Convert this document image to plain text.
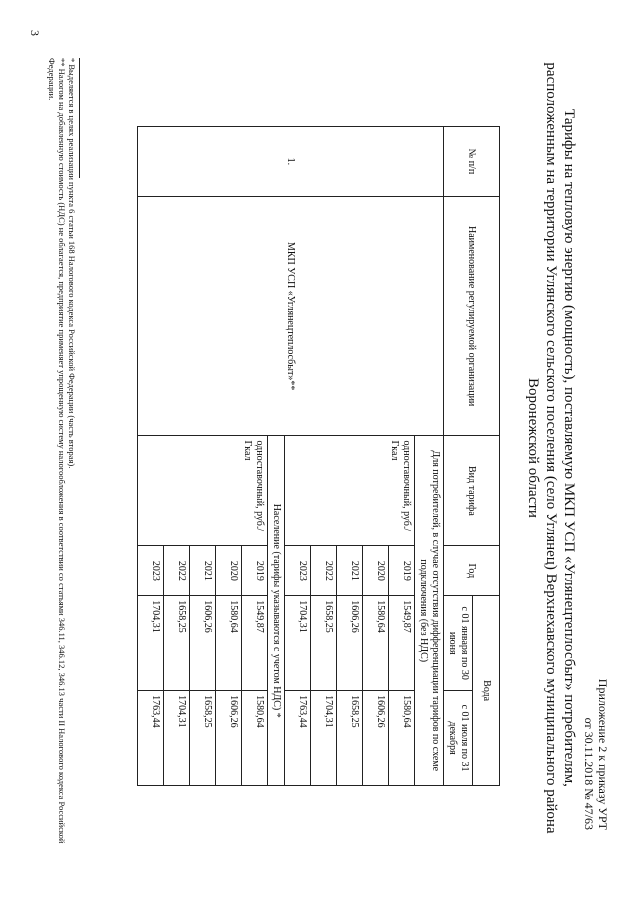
3
Приложение 2 к приказу УРТ
от 30.11.2018 № 47/63
Тарифы на тепловую энергию (мощность), поставляемую МКП УСП «Углянецтеплосбыт» потребителям,
расположенным на территории Углянского сельского поселения (село Углянец) Верхнехавского муниципального района
Воронежской области
№ п/п	Наименование регулируемой организации	Вид тарифа	Год	Вода	
				с 01 января по 30 июня	с 01 июля по 31 декабря
1.	МКП УСП «Углянецтеплосбыт»**	Для потребителей, в случае отсутствия дифференциации тарифов по схеме подключения (без НДС)			
		одноставочный, руб./Гкал	2019	1549,87	1580,64
			2020	1580,64	1606,26
			2021	1606,26	1658,25
			2022	1658,25	1704,31
			2023	1704,31	1763,44
		Население (тарифы указываются с учетом НДС) *			
		одноставочный, руб./Гкал	2019	1549,87	1580,64
			2020	1580,64	1606,26
			2021	1606,26	1658,25
			2022	1658,25	1704,31
			2023	1704,31	1763,44
* Выделяется в целях реализации пункта 6 статьи 168 Налогового кодекса Российской Федерации (часть вторая).
** Налогом на добавленную стоимость (НДС) не облагается, предприятие применяет упрощенную систему налогообложения в соответствии со статьями 346.11, 346.12, 346.13 части II Налогового кодекса Российской Федерации.
